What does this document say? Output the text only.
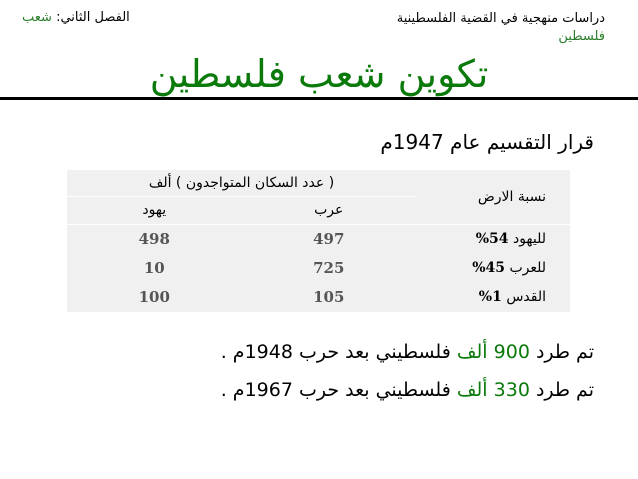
الفصل الثاني: شعب	دراسات منهجية في القضية الفلسطينية
فلسطين
تكوين شعب فلسطين
قرار التقسيم عام 1947م
نسبة الارض	( عدد السكان المتواجدون ) ألف	
	عرب	يهود
لليهود 54%	497	498
للعرب 45%	725	10
القدس 1%	105	100
تم طرد 900 ألف فلسطيني بعد حرب 1948م .
تم طرد 330 ألف فلسطيني بعد حرب 1967م .
